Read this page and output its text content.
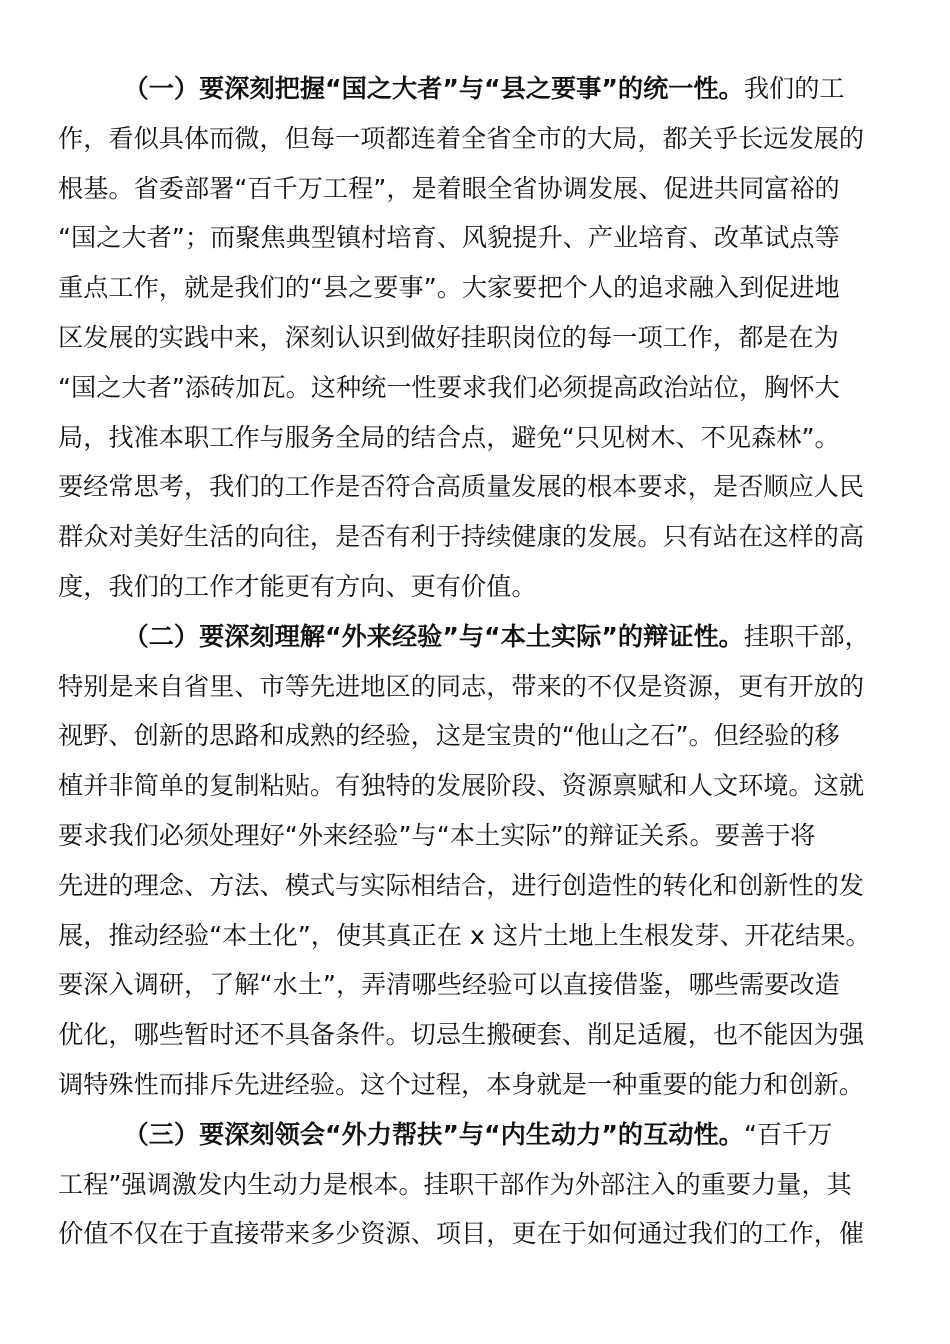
（一）要深刻把握“国之大者”与“县之要事”的统一性。我们的工
作，看似具体而微，但每一项都连着全省全市的大局，都关乎长远发展的
根基。省委部署“百千万工程”，是着眼全省协调发展、促进共同富裕的
“国之大者”；而聚焦典型镇村培育、风貌提升、产业培育、改革试点等
重点工作，就是我们的“县之要事”。大家要把个人的追求融入到促进地
区发展的实践中来，深刻认识到做好挂职岗位的每一项工作，都是在为
“国之大者”添砖加瓦。这种统一性要求我们必须提高政治站位，胸怀大
局，找准本职工作与服务全局的结合点，避免“只见树木、不见森林”。
要经常思考，我们的工作是否符合高质量发展的根本要求，是否顺应人民
群众对美好生活的向往，是否有利于持续健康的发展。只有站在这样的高
度，我们的工作才能更有方向、更有价值。
（二）要深刻理解“外来经验”与“本土实际”的辩证性。挂职干部，
特别是来自省里、市等先进地区的同志，带来的不仅是资源，更有开放的
视野、创新的思路和成熟的经验，这是宝贵的“他山之石”。但经验的移
植并非简单的复制粘贴。有独特的发展阶段、资源禀赋和人文环境。这就
要求我们必须处理好“外来经验”与“本土实际”的辩证关系。要善于将
先进的理念、方法、模式与实际相结合，进行创造性的转化和创新性的发
展，推动经验“本土化”，使其真正在 x 这片土地上生根发芽、开花结果。
要深入调研，了解“水土”，弄清哪些经验可以直接借鉴，哪些需要改造
优化，哪些暂时还不具备条件。切忌生搬硬套、削足适履，也不能因为强
调特殊性而排斥先进经验。这个过程，本身就是一种重要的能力和创新。
（三）要深刻领会“外力帮扶”与“内生动力”的互动性。“百千万
工程”强调激发内生动力是根本。挂职干部作为外部注入的重要力量，其
价值不仅在于直接带来多少资源、项目，更在于如何通过我们的工作，催
